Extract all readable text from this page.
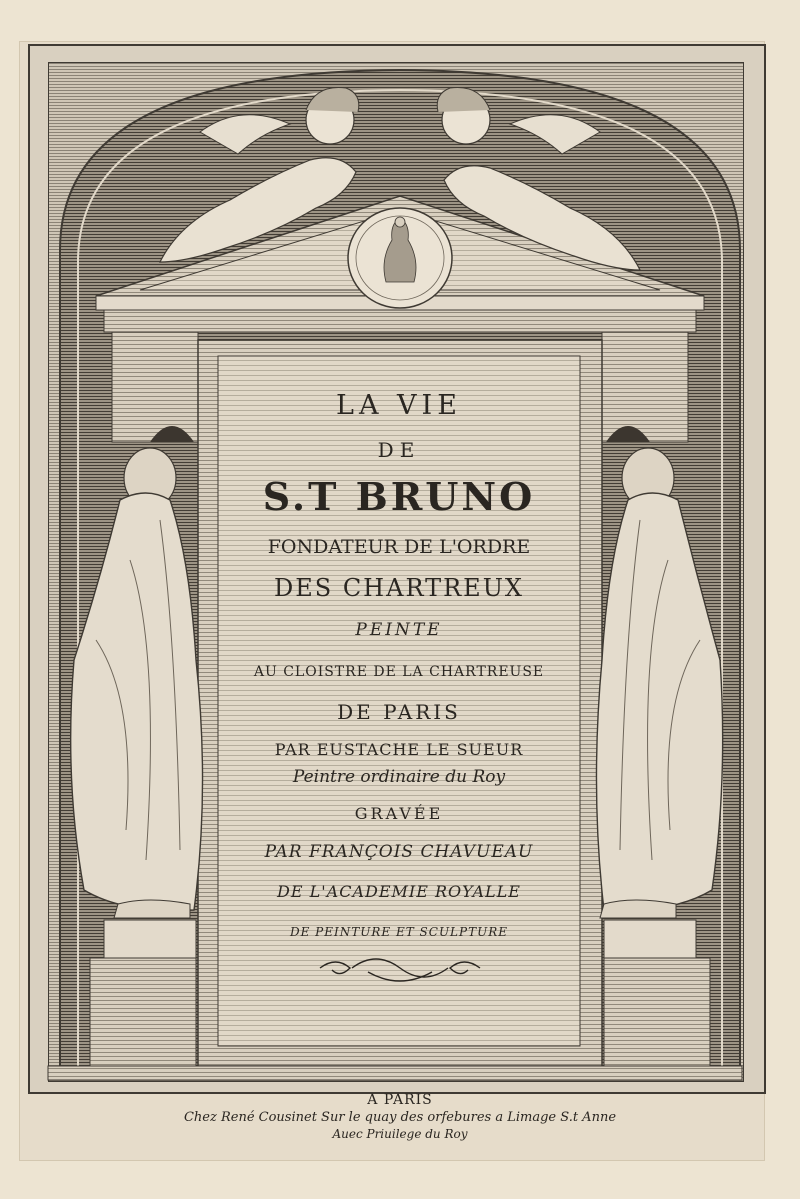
LA VIE
DE
S.T BRUNO
FONDATEUR DE L'ORDRE
DES CHARTREUX
PEINTE
AU CLOISTRE DE LA CHARTREUSE
DE PARIS
PAR EUSTACHE LE SUEUR
Peintre ordinaire du Roy
GRAVÉE
PAR FRANÇOIS CHAVUEAU
DE L'ACADEMIE ROYALLE
DE PEINTURE ET SCULPTURE
A PARIS
Chez René Cousinet Sur le quay des orfebures a Limage S.t Anne
Auec Priuilege du Roy
